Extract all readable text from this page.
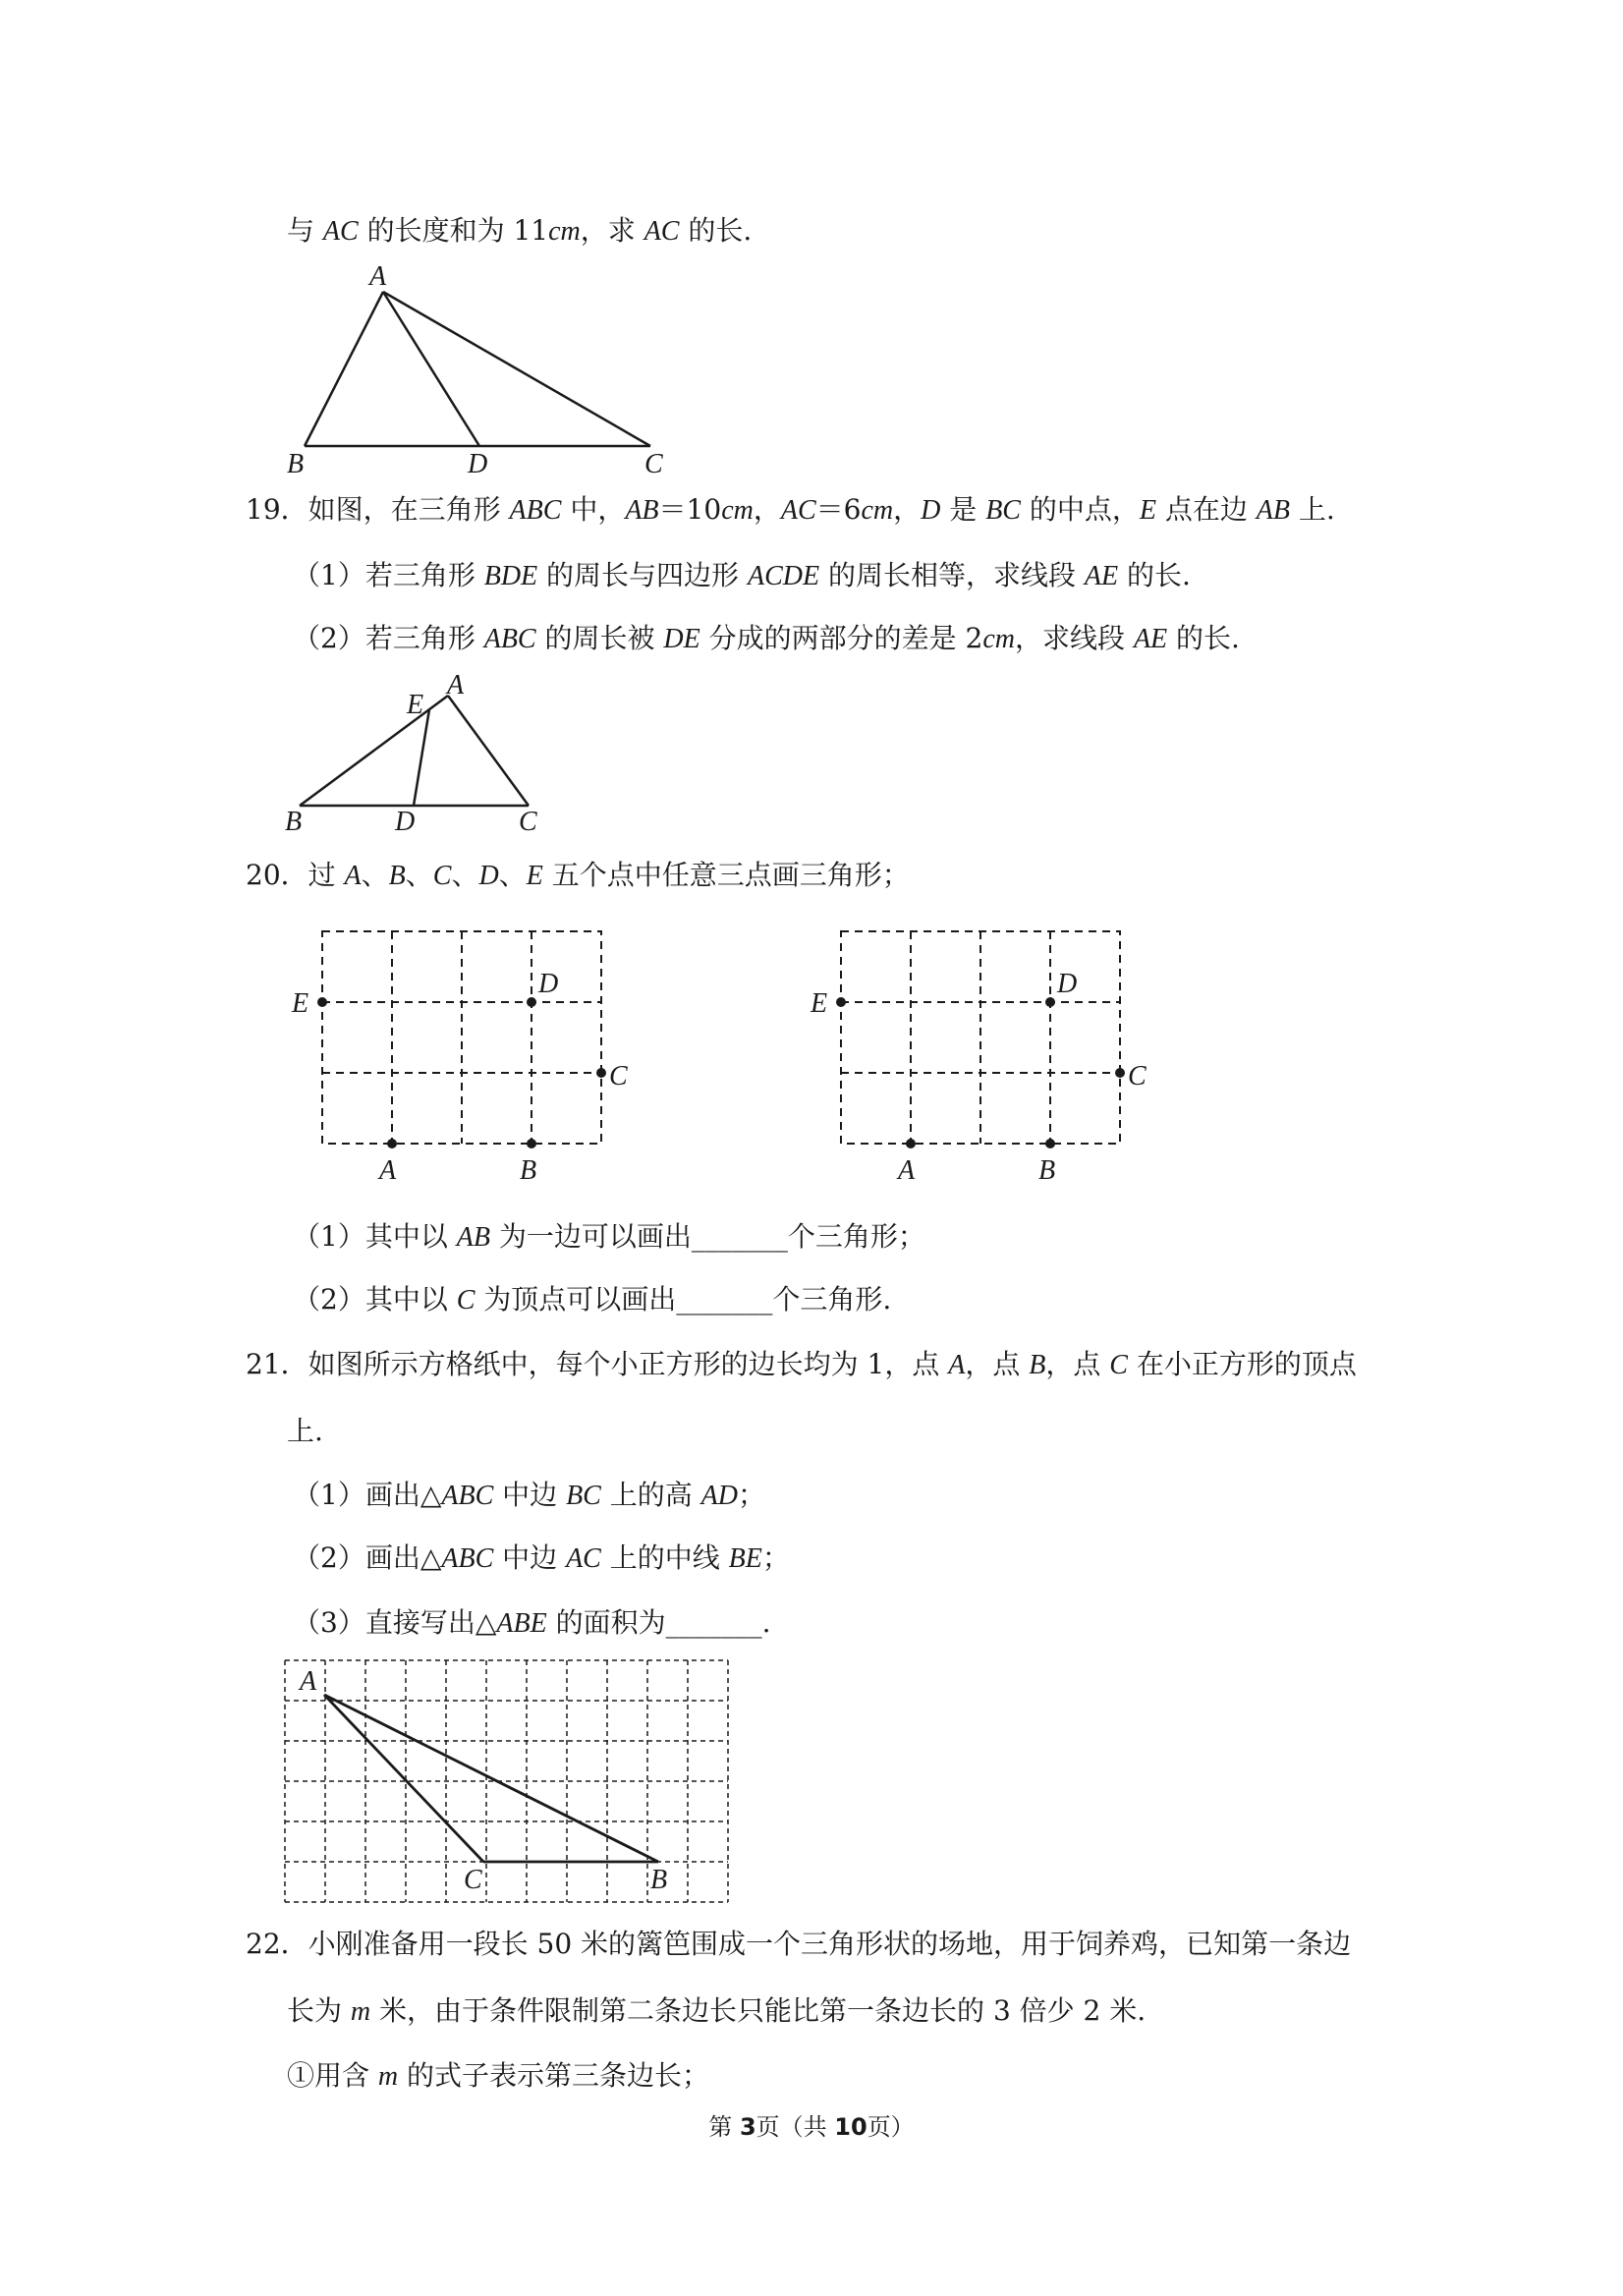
与 AC 的长度和为 11cm，求 AC 的长.
A
B	D	C
19．如图，在三角形 ABC 中，AB＝10cm，AC＝6cm，D 是 BC 的中点，E 点在边 AB 上.
（1）若三角形 BDE 的周长与四边形 ACDE 的周长相等，求线段 AE 的长.
（2）若三角形 ABC 的周长被 DE 分成的两部分的差是 2cm，求线段 AE 的长.
E
A
B	D	C
20．过 A、B、C、D、E 五个点中任意三点画三角形；
E
D
C
A	B
E
D
C
A	B
（1）其中以 AB 为一边可以画出_______个三角形；
（2）其中以 C 为顶点可以画出_______个三角形.
21．如图所示方格纸中，每个小正方形的边长均为 1，点 A，点 B，点 C 在小正方形的顶点
上.
（1）画出△ABC 中边 BC 上的高 AD；
（2）画出△ABC 中边 AC 上的中线 BE；
（3）直接写出△ABE 的面积为_______.
A
C	B
22．小刚准备用一段长 50 米的篱笆围成一个三角形状的场地，用于饲养鸡，已知第一条边
长为 m 米，由于条件限制第二条边长只能比第一条边长的 3 倍少 2 米.
①用含 m 的式子表示第三条边长；
第 3页（共 10页）
